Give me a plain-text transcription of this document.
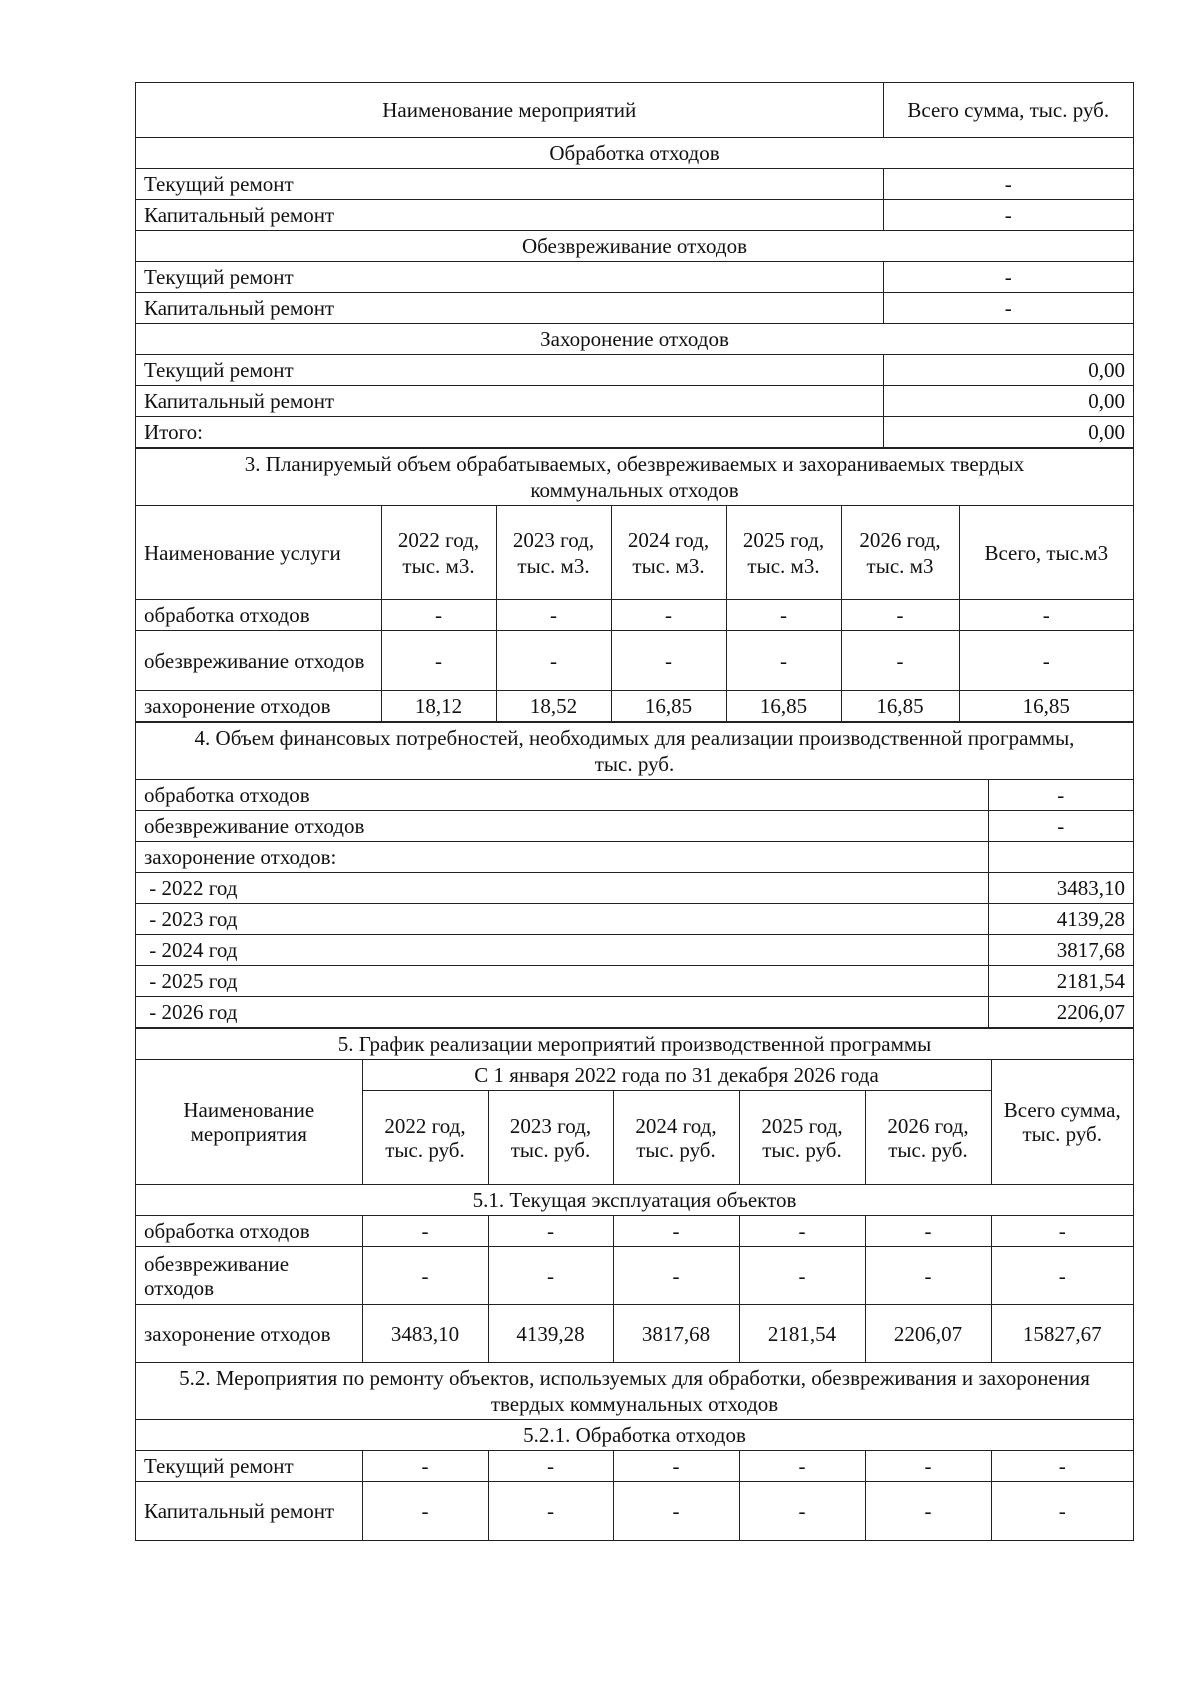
Наименование мероприятий	Всего сумма, тыс. руб.
Обработка отходов	
Текущий ремонт	-
Капитальный ремонт	-
Обезвреживание отходов	
Текущий ремонт	-
Капитальный ремонт	-
Захоронение отходов	
Текущий ремонт	0,00
Капитальный ремонт	0,00
Итого:	0,00
3. Планируемый объем обрабатываемых, обезвреживаемых и захораниваемых твердых коммунальных отходов						
Наименование услуги	2022 год, тыс. м3.	2023 год, тыс. м3.	2024 год, тыс. м3.	2025 год, тыс. м3.	2026 год, тыс. м3	Всего, тыс.м3
обработка отходов	-	-	-	-	-	-
обезвреживание отходов	-	-	-	-	-	-
захоронение отходов	18,12	18,52	16,85	16,85	16,85	16,85
4. Объем финансовых потребностей, необходимых для реализации производственной программы, тыс. руб.	
обработка отходов	-
обезвреживание отходов	-
захоронение отходов:	
- 2022 год	3483,10
- 2023 год	4139,28
- 2024 год	3817,68
- 2025 год	2181,54
- 2026 год	2206,07
5. График реализации мероприятий производственной программы						
Наименование мероприятия	С 1 января 2022 года по 31 декабря 2026 года					Всего сумма, тыс. руб.
	2022 год, тыс. руб.	2023 год, тыс. руб.	2024 год, тыс. руб.	2025 год, тыс. руб.	2026 год, тыс. руб.	
5.1. Текущая эксплуатация объектов						
обработка отходов	-	-	-	-	-	-
обезвреживание отходов	-	-	-	-	-	-
захоронение отходов	3483,10	4139,28	3817,68	2181,54	2206,07	15827,67
5.2. Мероприятия по ремонту объектов, используемых для обработки, обезвреживания и захоронения твердых коммунальных отходов						
5.2.1. Обработка отходов						
Текущий ремонт	-	-	-	-	-	-
Капитальный ремонт	-	-	-	-	-	-
